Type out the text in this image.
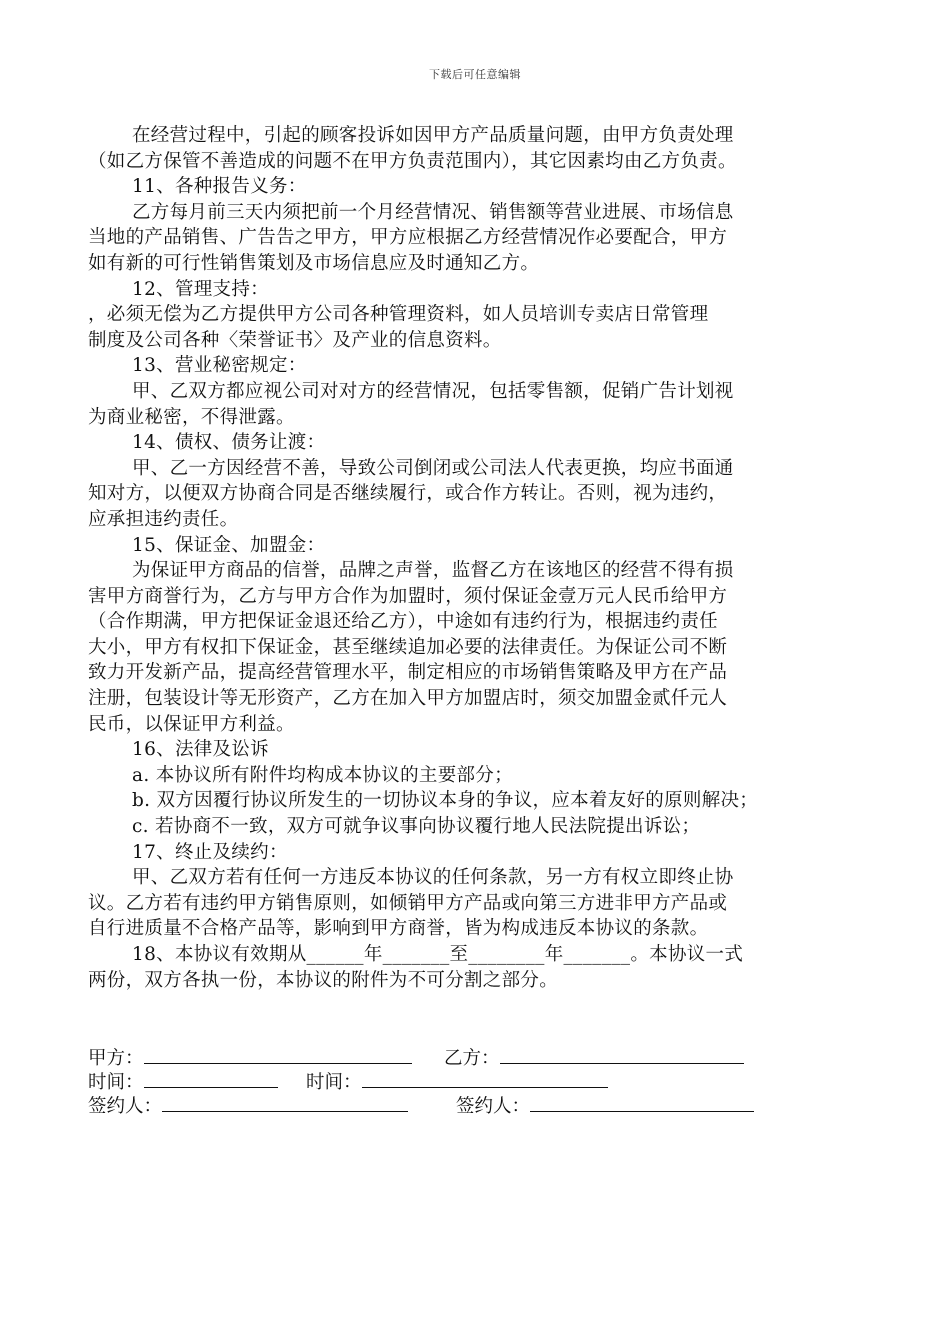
下载后可任意编辑
在经营过程中，引起的顾客投诉如因甲方产品质量问题，由甲方负责处理
（如乙方保管不善造成的问题不在甲方负责范围内），其它因素均由乙方负责。
11、各种报告义务：
乙方每月前三天内须把前一个月经营情况、销售额等营业进展、市场信息
当地的产品销售、广告告之甲方，甲方应根据乙方经营情况作必要配合，甲方
如有新的可行性销售策划及市场信息应及时通知乙方。
12、管理支持：
，必须无偿为乙方提供甲方公司各种管理资料，如人员培训专卖店日常管理
制度及公司各种〈荣誉证书〉及产业的信息资料。
13、营业秘密规定：
甲、乙双方都应视公司对对方的经营情况，包括零售额，促销广告计划视
为商业秘密，不得泄露。
14、债权、债务让渡：
甲、乙一方因经营不善，导致公司倒闭或公司法人代表更换，均应书面通
知对方，以便双方协商合同是否继续履行，或合作方转让。否则，视为违约，
应承担违约责任。
15、保证金、加盟金：
为保证甲方商品的信誉，品牌之声誉，监督乙方在该地区的经营不得有损
害甲方商誉行为，乙方与甲方合作为加盟时，须付保证金壹万元人民币给甲方
（合作期满，甲方把保证金退还给乙方），中途如有违约行为，根据违约责任
大小，甲方有权扣下保证金，甚至继续追加必要的法律责任。为保证公司不断
致力开发新产品，提高经营管理水平，制定相应的市场销售策略及甲方在产品
注册，包装设计等无形资产，乙方在加入甲方加盟店时，须交加盟金贰仟元人
民币，以保证甲方利益。
16、法律及讼诉
a. 本协议所有附件均构成本协议的主要部分；
b. 双方因覆行协议所发生的一切协议本身的争议，应本着友好的原则解决；
c. 若协商不一致，双方可就争议事向协议覆行地人民法院提出诉讼；
17、终止及续约：
甲、乙双方若有任何一方违反本协议的任何条款，另一方有权立即终止协
议。乙方若有违约甲方销售原则，如倾销甲方产品或向第三方进非甲方产品或
自行进质量不合格产品等，影响到甲方商誉，皆为构成违反本协议的条款。
18、本协议有效期从______年_______至________年_______。本协议一式
两份，双方各执一份，本协议的附件为不可分割之部分。
甲方：	乙方：
时间：	时间：
签约人：	签约人：
